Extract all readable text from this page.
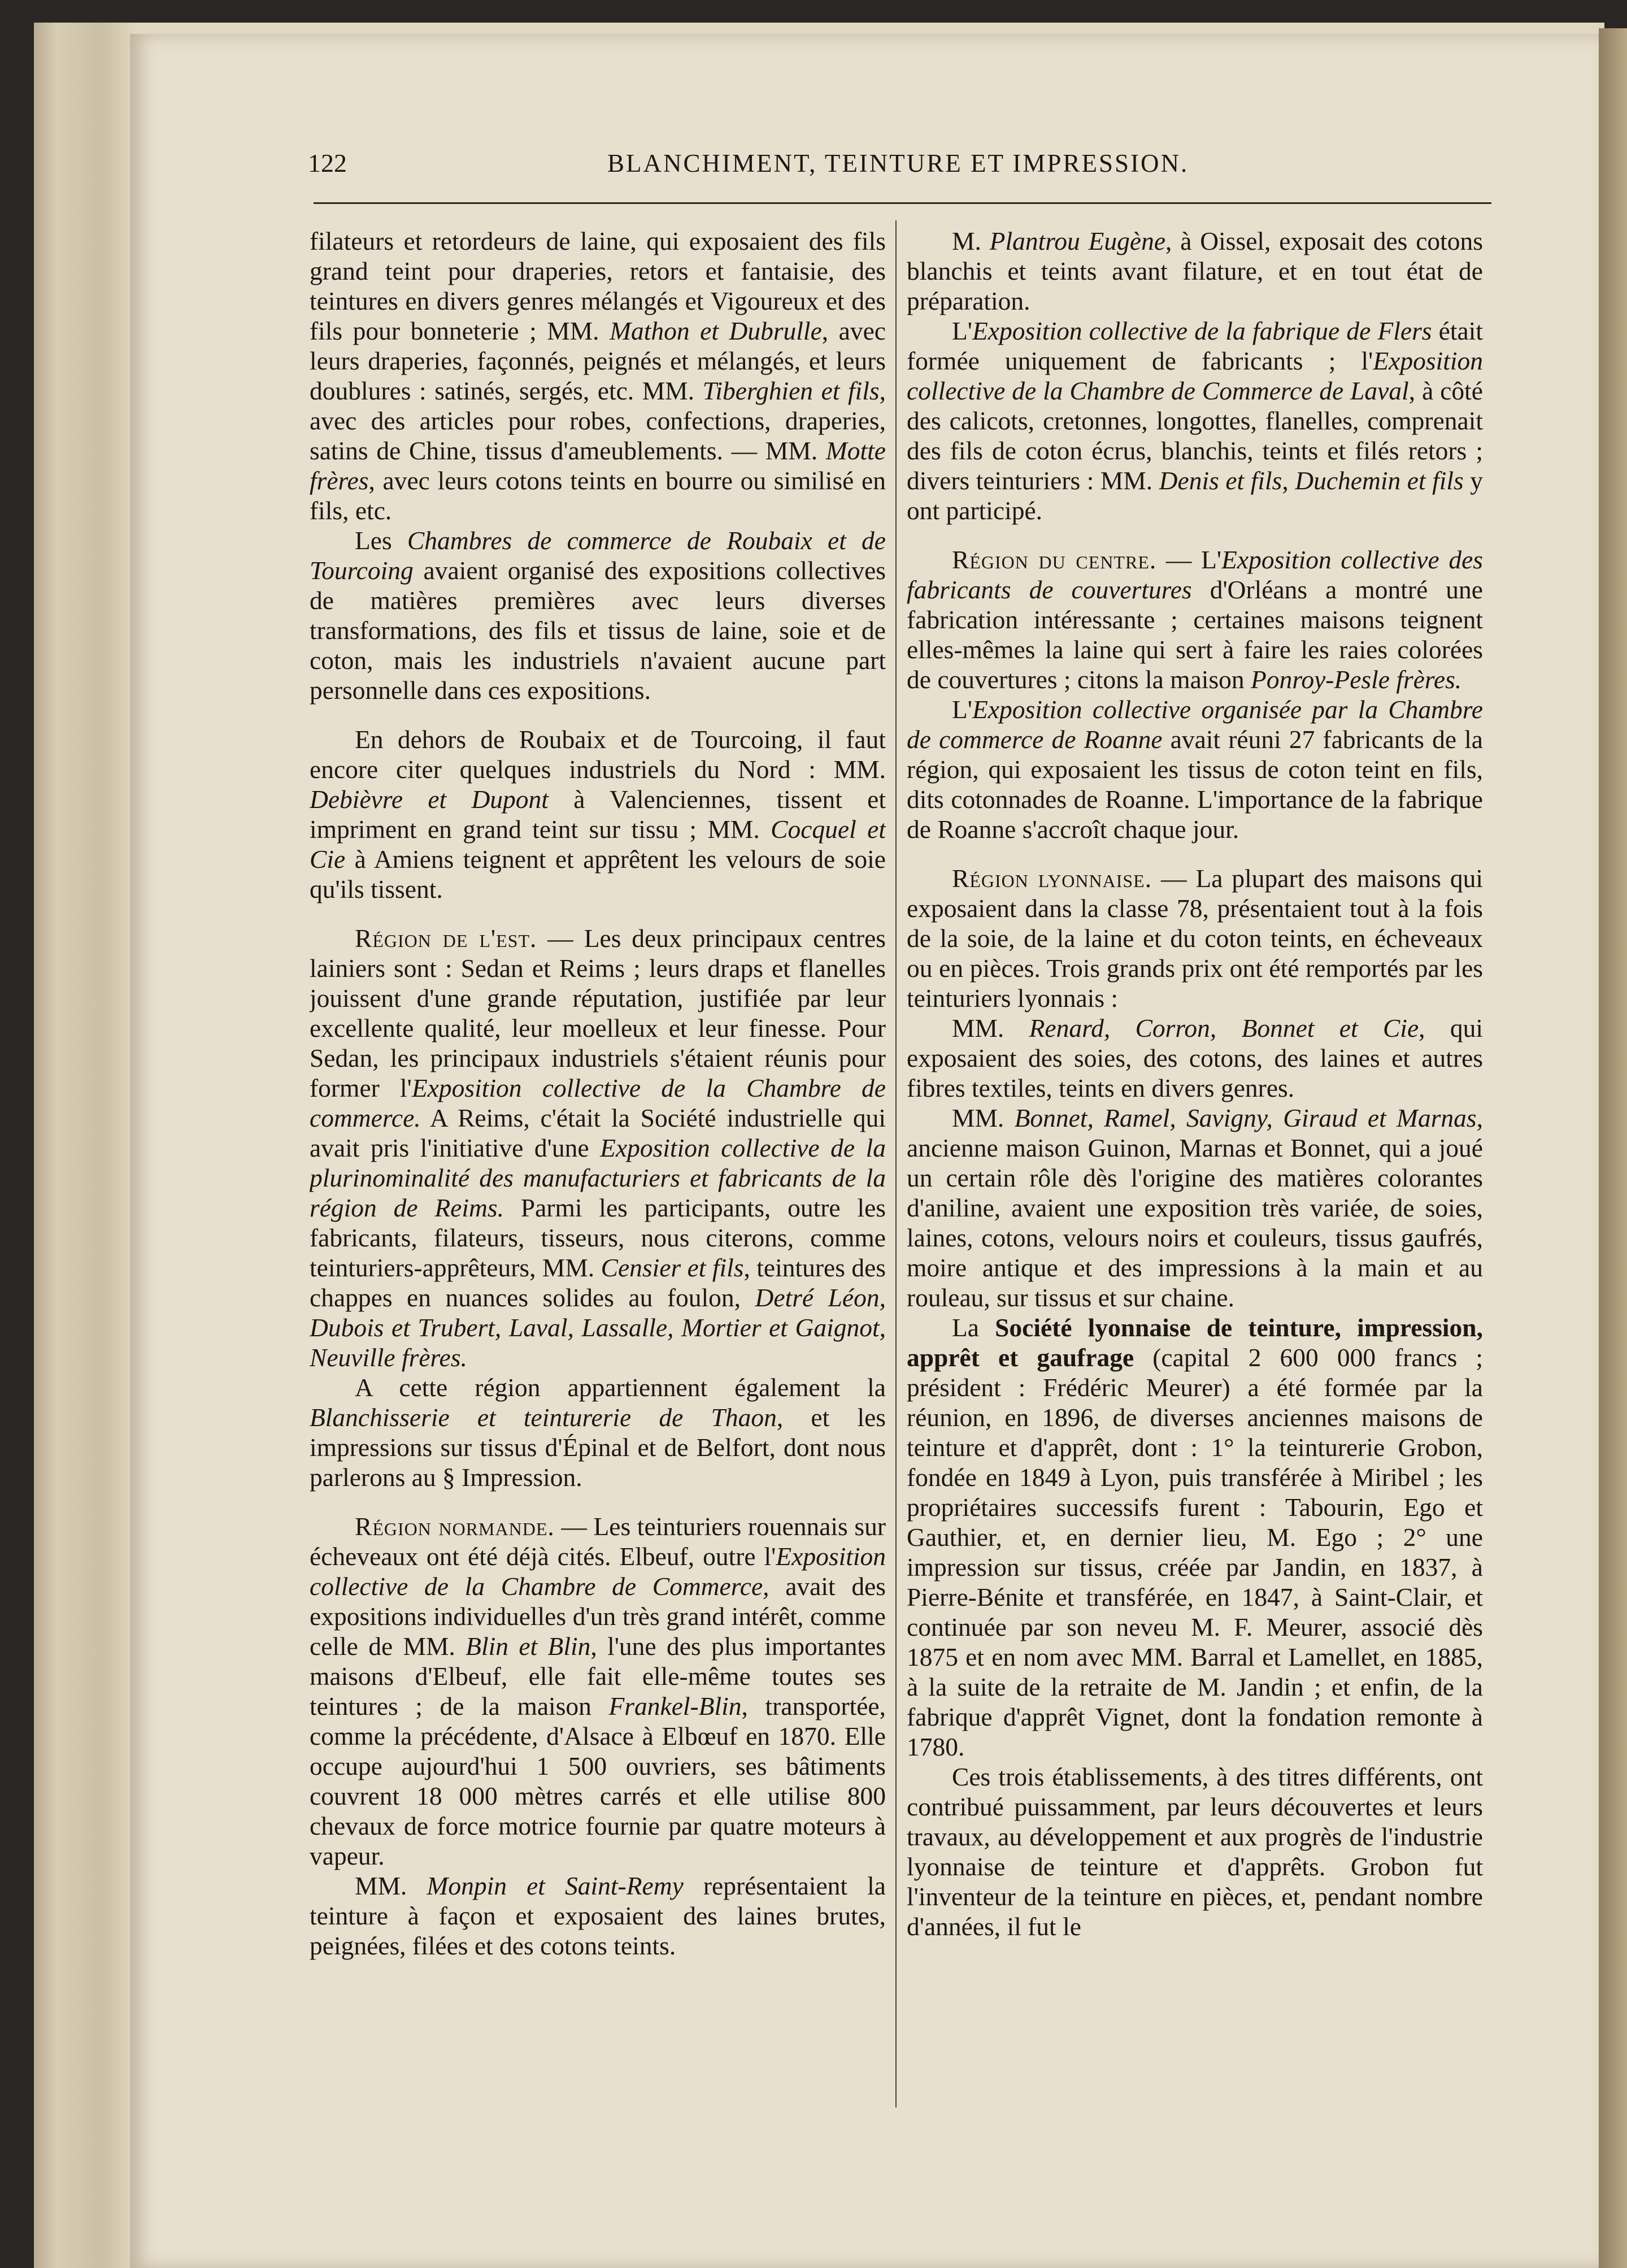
122	BLANCHIMENT, TEINTURE ET IMPRESSION.

filateurs et retordeurs de laine, qui exposaient des fils grand teint pour draperies, retors et fantaisie, des teintures en divers genres mélangés et Vigoureux et des fils pour bonneterie ; MM. Mathon et Dubrulle, avec leurs draperies, façonnés, peignés et mélangés, et leurs doublures : satinés, sergés, etc. MM. Tiberghien et fils, avec des articles pour robes, confections, draperies, satins de Chine, tissus d'ameublements. — MM. Motte frères, avec leurs cotons teints en bourre ou similisé en fils, etc.

Les Chambres de commerce de Roubaix et de Tourcoing avaient organisé des expositions collectives de matières premières avec leurs diverses transformations, des fils et tissus de laine, soie et de coton, mais les industriels n'avaient aucune part personnelle dans ces expositions.

En dehors de Roubaix et de Tourcoing, il faut encore citer quelques industriels du Nord : MM. Debièvre et Dupont à Valenciennes, tissent et impriment en grand teint sur tissu ; MM. Cocquel et Cie à Amiens teignent et apprêtent les velours de soie qu'ils tissent.

Région de l'est. — Les deux principaux centres lainiers sont : Sedan et Reims ; leurs draps et flanelles jouissent d'une grande réputation, justifiée par leur excellente qualité, leur moelleux et leur finesse. Pour Sedan, les principaux industriels s'étaient réunis pour former l'Exposition collective de la Chambre de commerce. A Reims, c'était la Société industrielle qui avait pris l'initiative d'une Exposition collective de la plurinominalité des manufacturiers et fabricants de la région de Reims. Parmi les participants, outre les fabricants, filateurs, tisseurs, nous citerons, comme teinturiers-apprêteurs, MM. Censier et fils, teintures des chappes en nuances solides au foulon, Detré Léon, Dubois et Trubert, Laval, Lassalle, Mortier et Gaignot, Neuville frères.

A cette région appartiennent également la Blanchisserie et teinturerie de Thaon, et les impressions sur tissus d'Épinal et de Belfort, dont nous parlerons au § Impression.

Région normande. — Les teinturiers rouennais sur écheveaux ont été déjà cités. Elbeuf, outre l'Exposition collective de la Chambre de Commerce, avait des expositions individuelles d'un très grand intérêt, comme celle de MM. Blin et Blin, l'une des plus importantes maisons d'Elbeuf, elle fait elle-même toutes ses teintures ; de la maison Frankel-Blin, transportée, comme la précédente, d'Alsace à Elbœuf en 1870. Elle occupe aujourd'hui 1 500 ouvriers, ses bâtiments couvrent 18 000 mètres carrés et elle utilise 800 chevaux de force motrice fournie par quatre moteurs à vapeur.

MM. Monpin et Saint-Remy représentaient la teinture à façon et exposaient des laines brutes, peignées, filées et des cotons teints.

M. Plantrou Eugène, à Oissel, exposait des cotons blanchis et teints avant filature, et en tout état de préparation.

L'Exposition collective de la fabrique de Flers était formée uniquement de fabricants ; l'Exposition collective de la Chambre de Commerce de Laval, à côté des calicots, cretonnes, longottes, flanelles, comprenait des fils de coton écrus, blanchis, teints et filés retors ; divers teinturiers : MM. Denis et fils, Duchemin et fils y ont participé.

Région du centre. — L'Exposition collective des fabricants de couvertures d'Orléans a montré une fabrication intéressante ; certaines maisons teignent elles-mêmes la laine qui sert à faire les raies colorées de couvertures ; citons la maison Ponroy-Pesle frères.

L'Exposition collective organisée par la Chambre de commerce de Roanne avait réuni 27 fabricants de la région, qui exposaient les tissus de coton teint en fils, dits cotonnades de Roanne. L'importance de la fabrique de Roanne s'accroît chaque jour.

Région lyonnaise. — La plupart des maisons qui exposaient dans la classe 78, présentaient tout à la fois de la soie, de la laine et du coton teints, en écheveaux ou en pièces. Trois grands prix ont été remportés par les teinturiers lyonnais :

MM. Renard, Corron, Bonnet et Cie, qui exposaient des soies, des cotons, des laines et autres fibres textiles, teints en divers genres.

MM. Bonnet, Ramel, Savigny, Giraud et Marnas, ancienne maison Guinon, Marnas et Bonnet, qui a joué un certain rôle dès l'origine des matières colorantes d'aniline, avaient une exposition très variée, de soies, laines, cotons, velours noirs et couleurs, tissus gaufrés, moire antique et des impressions à la main et au rouleau, sur tissus et sur chaine.

La Société lyonnaise de teinture, impression, apprêt et gaufrage (capital 2 600 000 francs ; président : Frédéric Meurer) a été formée par la réunion, en 1896, de diverses anciennes maisons de teinture et d'apprêt, dont : 1° la teinturerie Grobon, fondée en 1849 à Lyon, puis transférée à Miribel ; les propriétaires successifs furent : Tabourin, Ego et Gauthier, et, en dernier lieu, M. Ego ; 2° une impression sur tissus, créée par Jandin, en 1837, à Pierre-Bénite et transférée, en 1847, à Saint-Clair, et continuée par son neveu M. F. Meurer, associé dès 1875 et en nom avec MM. Barral et Lamellet, en 1885, à la suite de la retraite de M. Jandin ; et enfin, de la fabrique d'apprêt Vignet, dont la fondation remonte à 1780.

Ces trois établissements, à des titres différents, ont contribué puissamment, par leurs découvertes et leurs travaux, au développement et aux progrès de l'industrie lyonnaise de teinture et d'apprêts. Grobon fut l'inventeur de la teinture en pièces, et, pendant nombre d'années, il fut le
